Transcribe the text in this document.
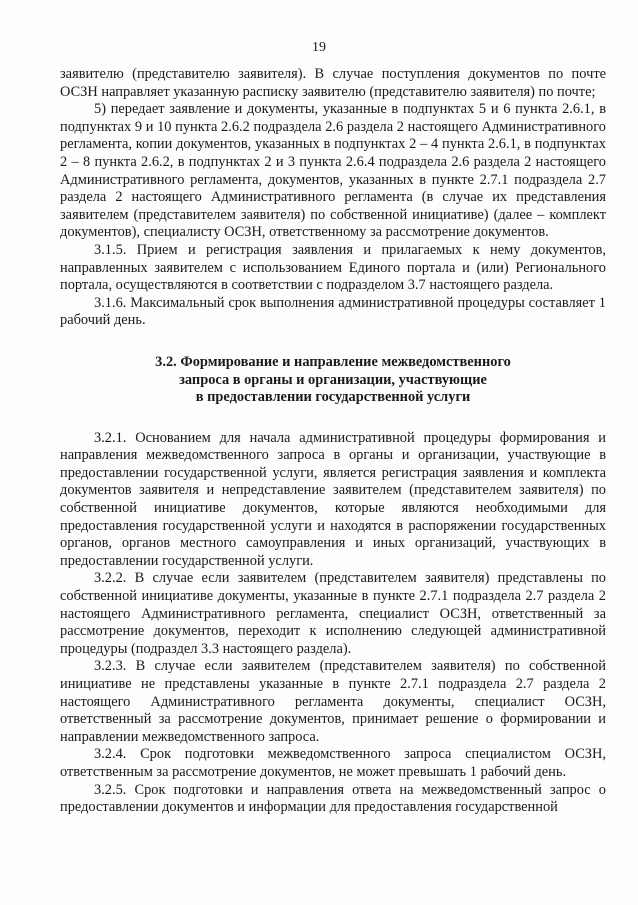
19

заявителю (представителю заявителя). В случае поступления документов по почте ОСЗН направляет указанную расписку заявителю (представителю заявителя) по почте;

5) передает заявление и документы, указанные в подпунктах 5 и 6 пункта 2.6.1, в подпунктах 9 и 10 пункта 2.6.2 подраздела 2.6 раздела 2 настоящего Административного регламента, копии документов, указанных в подпунктах 2 – 4 пункта 2.6.1, в подпунктах 2 – 8 пункта 2.6.2, в подпунктах 2 и 3 пункта 2.6.4 подраздела 2.6 раздела 2 настоящего Административного регламента, документов, указанных в пункте 2.7.1 подраздела 2.7 раздела 2 настоящего Административного регламента (в случае их представления заявителем (представителем заявителя) по собственной инициативе) (далее – комплект документов), специалисту ОСЗН, ответственному за рассмотрение документов.

3.1.5. Прием и регистрация заявления и прилагаемых к нему документов, направленных заявителем с использованием Единого портала и (или) Регионального портала, осуществляются в соответствии с подразделом 3.7 настоящего раздела.

3.1.6. Максимальный срок выполнения административной процедуры составляет 1 рабочий день.

3.2. Формирование и направление межведомственного
запроса в органы и организации, участвующие
в предоставлении государственной услуги

3.2.1. Основанием для начала административной процедуры формирования и направления межведомственного запроса в органы и организации, участвующие в предоставлении государственной услуги, является регистрация заявления и комплекта документов заявителя и непредставление заявителем (представителем заявителя) по собственной инициативе документов, которые являются необходимыми для предоставления государственной услуги и находятся в распоряжении государственных органов, органов местного самоуправления и иных организаций, участвующих в предоставлении государственной услуги.

3.2.2. В случае если заявителем (представителем заявителя) представлены по собственной инициативе документы, указанные в пункте 2.7.1 подраздела 2.7 раздела 2 настоящего Административного регламента, специалист ОСЗН, ответственный за рассмотрение документов, переходит к исполнению следующей административной процедуры (подраздел 3.3 настоящего раздела).

3.2.3. В случае если заявителем (представителем заявителя) по собственной инициативе не представлены указанные в пункте 2.7.1 подраздела 2.7 раздела 2 настоящего Административного регламента документы, специалист ОСЗН, ответственный за рассмотрение документов, принимает решение о формировании и направлении межведомственного запроса.

3.2.4. Срок подготовки межведомственного запроса специалистом ОСЗН, ответственным за рассмотрение документов, не может превышать 1 рабочий день.

3.2.5. Срок подготовки и направления ответа на межведомственный запрос о предоставлении документов и информации для предоставления государственной
